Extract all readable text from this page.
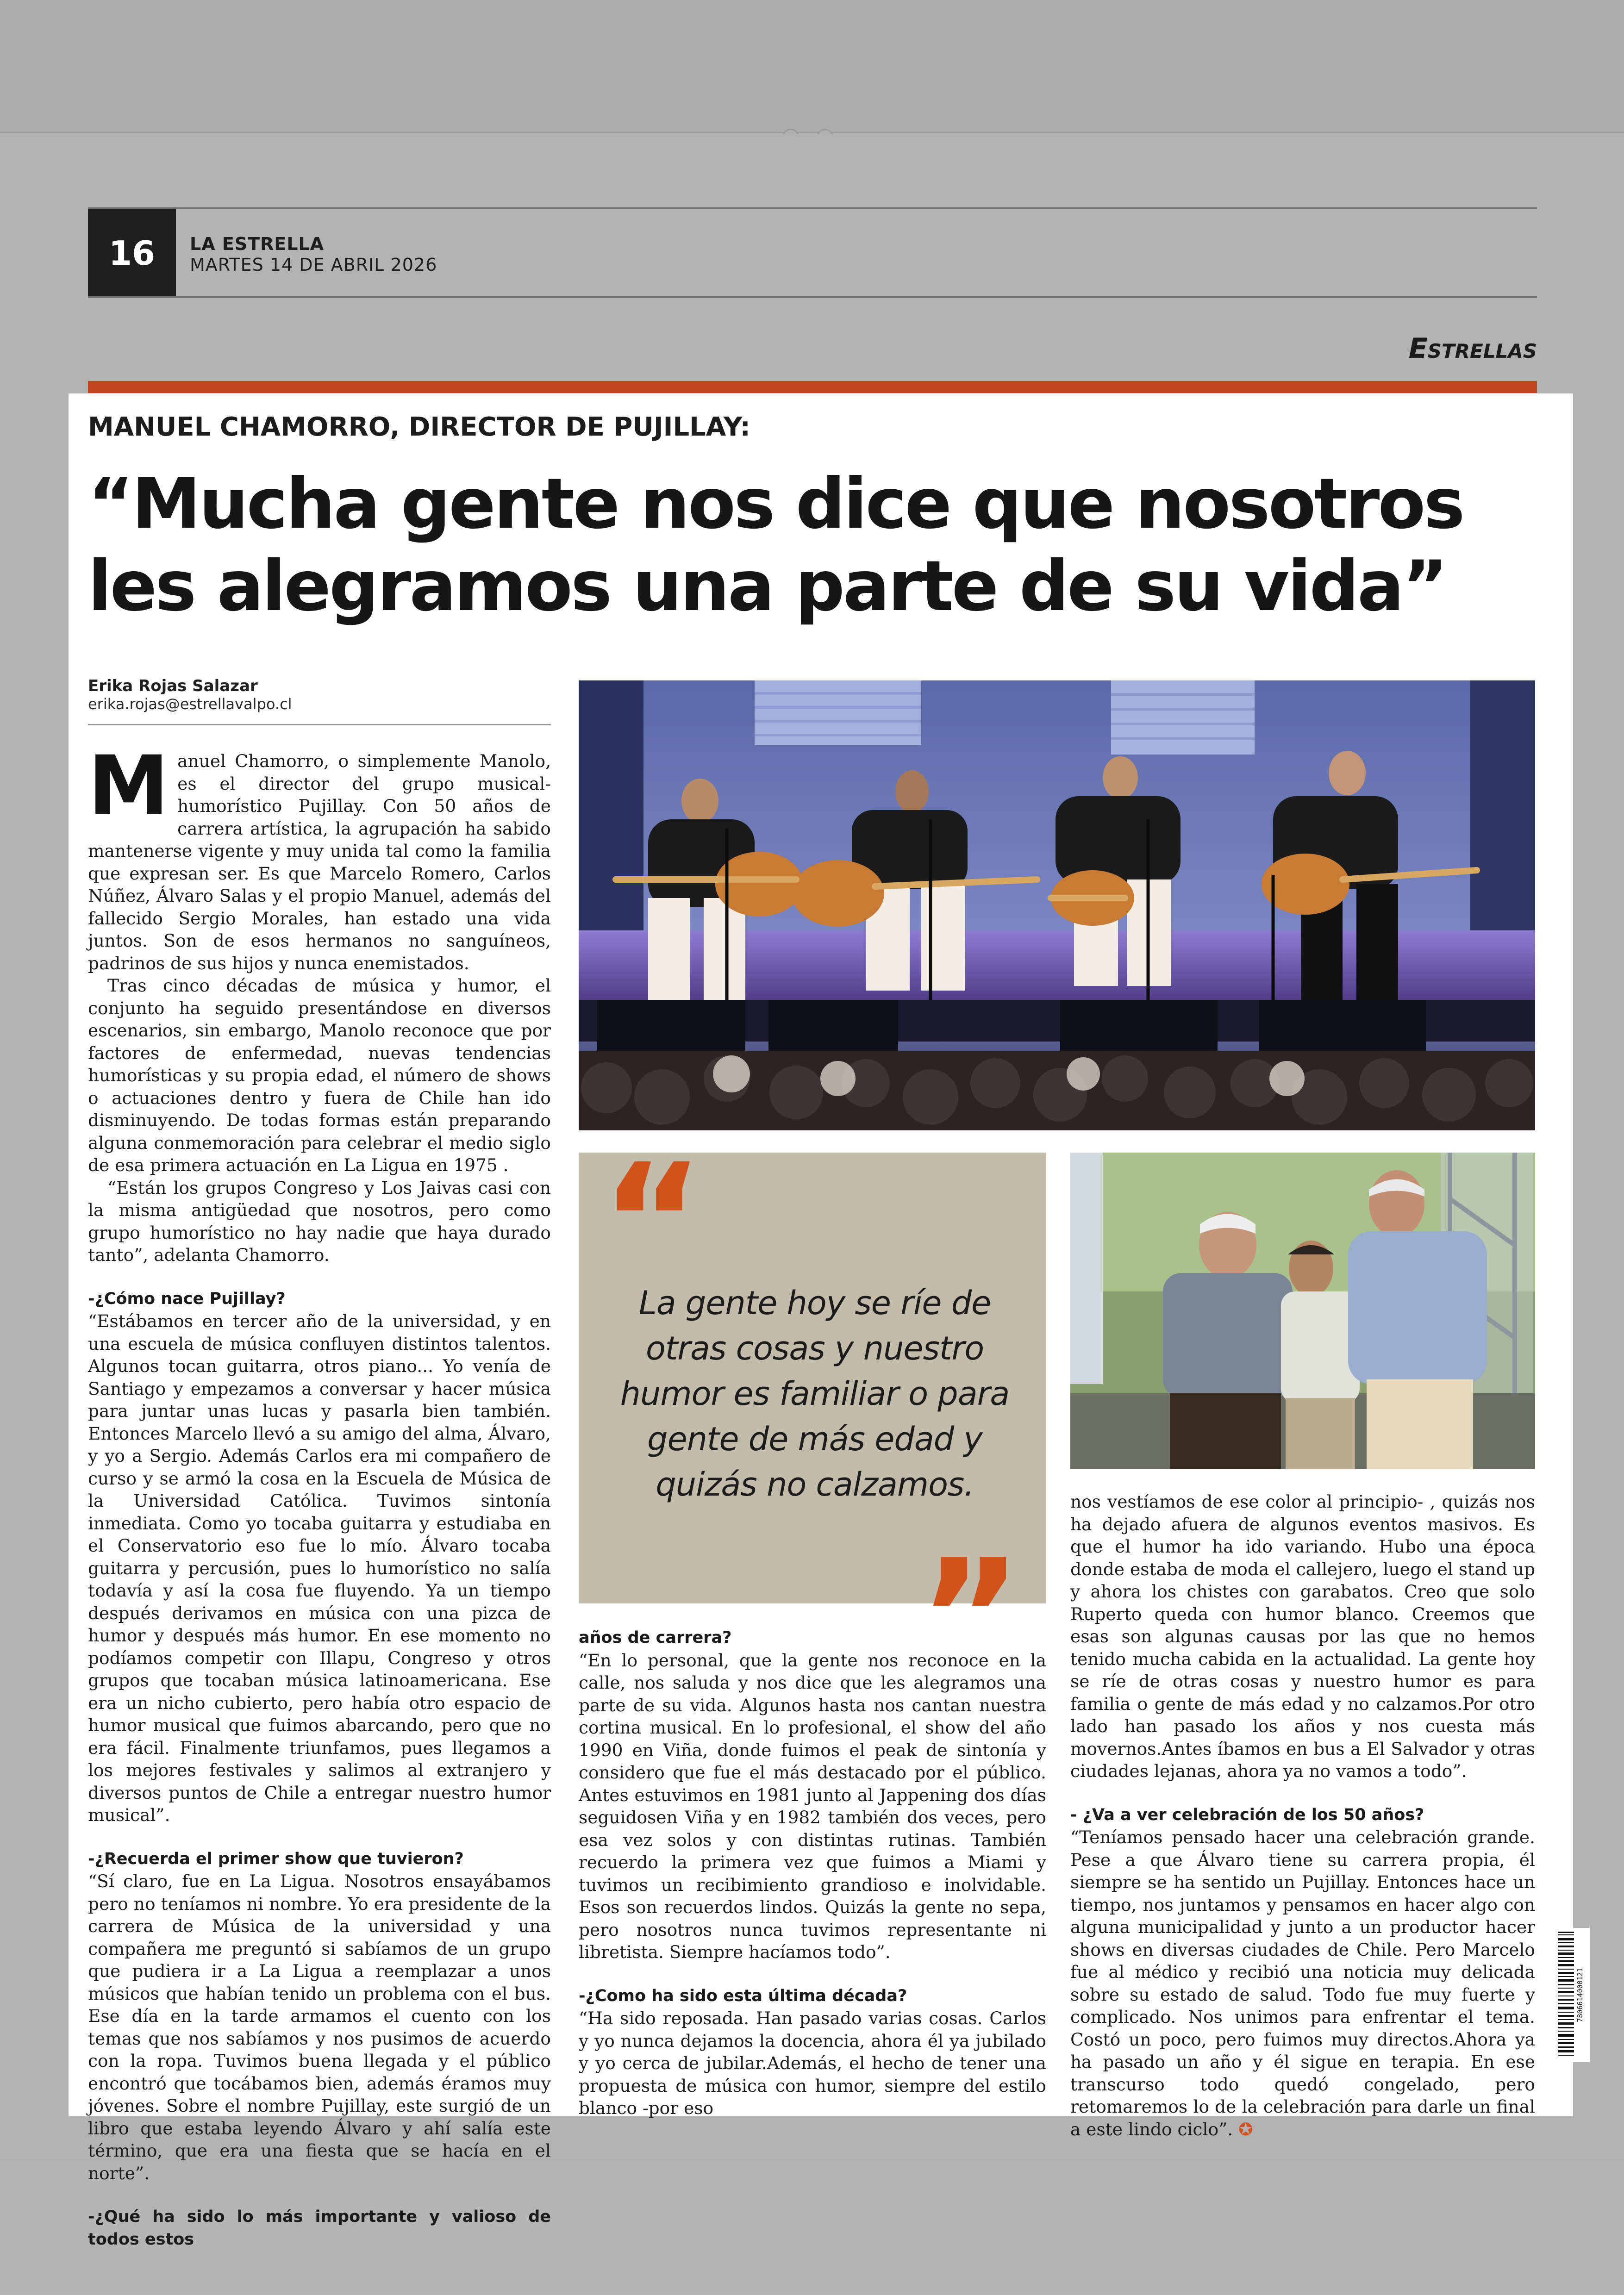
16	LA ESTRELLA
MARTES 14 DE ABRIL 2026
Estrellas
MANUEL CHAMORRO, DIRECTOR DE PUJILLAY:
“Mucha gente nos dice que nosotros les alegramos una parte de su vida”
Erika Rojas Salazar
erika.rojas@estrellavalpo.cl

Manuel Chamorro, o simplemente Manolo, es el director del grupo musical-humorístico Pujillay. Con 50 años de carrera artística, la agrupación ha sabido mantenerse vigente y muy unida tal como la familia que expresan ser. Es que Marcelo Romero, Carlos Núñez, Álvaro Salas y el propio Manuel, además del fallecido Sergio Morales, han estado una vida juntos. Son de esos hermanos no sanguíneos, padrinos de sus hijos y nunca enemistados.

Tras cinco décadas de música y humor, el conjunto ha seguido presentándose en diversos escenarios, sin embargo, Manolo reconoce que por factores de enfermedad, nuevas tendencias humorísticas y su propia edad, el número de shows o actuaciones dentro y fuera de Chile han ido disminuyendo. De todas formas están preparando alguna conmemoración para celebrar el medio siglo de esa primera actuación en La Ligua en 1975 .

“Están los grupos Congreso y Los Jaivas casi con la misma antigüedad que nosotros, pero como grupo humorístico no hay nadie que haya durado tanto”, adelanta Chamorro.

-¿Cómo nace Pujillay?

“Estábamos en tercer año de la universidad, y en una escuela de música confluyen distintos talentos. Algunos tocan guitarra, otros piano... Yo venía de Santiago y empezamos a conversar y hacer música para juntar unas lucas y pasarla bien también. Entonces Marcelo llevó a su amigo del alma, Álvaro, y yo a Sergio. Además Carlos era mi compañero de curso y se armó la cosa en la Escuela de Música de la Universidad Católica. Tuvimos sintonía inmediata. Como yo tocaba guitarra y estudiaba en el Conservatorio eso fue lo mío. Álvaro tocaba guitarra y percusión, pues lo humorístico no salía todavía y así la cosa fue fluyendo. Ya un tiempo después derivamos en música con una pizca de humor y después más humor. En ese momento no podíamos competir con Illapu, Congreso y otros grupos que tocaban música latinoamericana. Ese era un nicho cubierto, pero había otro espacio de humor musical que fuimos abarcando, pero que no era fácil. Finalmente triunfamos, pues llegamos a los mejores festivales y salimos al extranjero y diversos puntos de Chile a entregar nuestro humor musical”.

-¿Recuerda el primer show que tuvieron?

“Sí claro, fue en La Ligua. Nosotros ensayábamos pero no teníamos ni nombre. Yo era presidente de la carrera de Música de la universidad y una compañera me preguntó si sabíamos de un grupo que pudiera ir a La Ligua a reemplazar a unos músicos que habían tenido un problema con el bus. Ese día en la tarde armamos el cuento con los temas que nos sabíamos y nos pusimos de acuerdo con la ropa. Tuvimos buena llegada y el público encontró que tocábamos bien, además éramos muy jóvenes. Sobre el nombre Pujillay, este surgió de un libro que estaba leyendo Álvaro y ahí salía este término, que era una fiesta que se hacía en el norte”.

-¿Qué ha sido lo más importante y valioso de todos estos

“
La gente hoy se ríe de otras cosas y nuestro humor es familiar o para gente de más edad y quizás no calzamos.
”

años de carrera?

“En lo personal, que la gente nos reconoce en la calle, nos saluda y nos dice que les alegramos una parte de su vida. Algunos hasta nos cantan nuestra cortina musical. En lo profesional, el show del año 1990 en Viña, donde fuimos el peak de sintonía y considero que fue el más destacado por el público. Antes estuvimos en 1981 junto al Jappening dos días seguidosen Viña y en 1982 también dos veces, pero esa vez solos y con distintas rutinas. También recuerdo la primera vez que fuimos a Miami y tuvimos un recibimiento grandioso e inolvidable. Esos son recuerdos lindos. Quizás la gente no sepa, pero nosotros nunca tuvimos representante ni libretista. Siempre hacíamos todo”.

-¿Como ha sido esta última década?

“Ha sido reposada. Han pasado varias cosas. Carlos y yo nunca dejamos la docencia, ahora él ya jubilado y yo cerca de jubilar.Además, el hecho de tener una propuesta de música con humor, siempre del estilo blanco -por eso

nos vestíamos de ese color al principio- , quizás nos ha dejado afuera de algunos eventos masivos. Es que el humor ha ido variando. Hubo una época donde estaba de moda el callejero, luego el stand up y ahora los chistes con garabatos. Creo que solo Ruperto queda con humor blanco. Creemos que esas son algunas causas por las que no hemos tenido mucha cabida en la actualidad. La gente hoy se ríe de otras cosas y nuestro humor es para familia o gente de más edad y no calzamos.Por otro lado han pasado los años y nos cuesta más movernos.Antes íbamos en bus a El Salvador y otras ciudades lejanas, ahora ya no vamos a todo”.

- ¿Va a ver celebración de los 50 años?

“Teníamos pensado hacer una celebración grande. Pese a que Álvaro tiene su carrera propia, él siempre se ha sentido un Pujillay. Entonces hace un tiempo, nos juntamos y pensamos en hacer algo con alguna municipalidad y junto a un productor hacer shows en diversas ciudades de Chile. Pero Marcelo fue al médico y recibió una noticia muy delicada sobre su estado de salud. Todo fue muy fuerte y complicado. Nos unimos para enfrentar el tema. Costó un poco, pero fuimos muy directos.Ahora ya ha pasado un año y él sigue en terapia. En ese transcurso todo quedó congelado, pero retomaremos lo de la celebración para darle un final a este lindo ciclo”. ✪

7806614000121
